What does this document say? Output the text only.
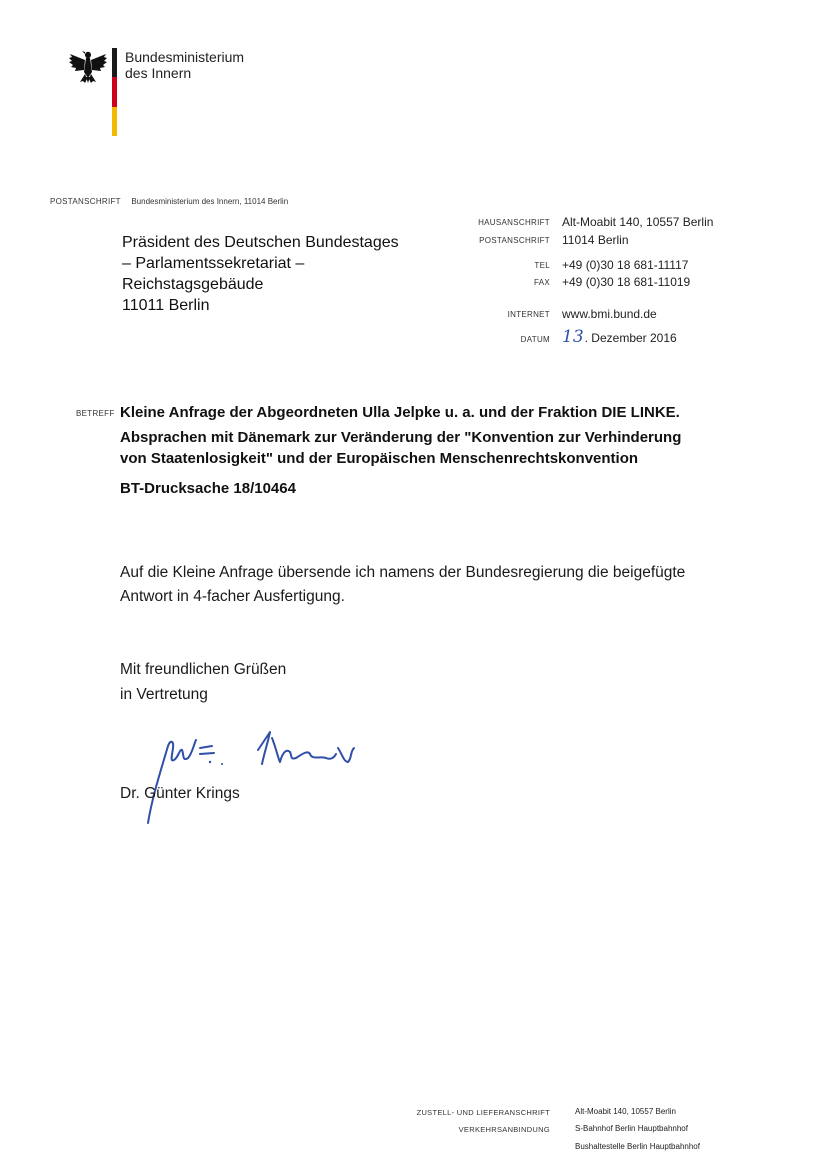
Bundesministerium
des Innern
POSTANSCHRIFT Bundesministerium des Innern, 11014 Berlin
Präsident des Deutschen Bundestages
– Parlamentssekretariat –
Reichstagsgebäude
11011 Berlin
HAUSANSCHRIFT Alt-Moabit 140, 10557 Berlin
POSTANSCHRIFT 11014 Berlin
TEL +49 (0)30 18 681-11117
FAX +49 (0)30 18 681-11019
INTERNET www.bmi.bund.de
DATUM 13. Dezember 2016
BETREFF Kleine Anfrage der Abgeordneten Ulla Jelpke u. a. und der Fraktion DIE LINKE.

Absprachen mit Dänemark zur Veränderung der "Konvention zur Verhinderung

von Staatenlosigkeit" und der Europäischen Menschenrechtskonvention

BT-Drucksache 18/10464

Auf die Kleine Anfrage übersende ich namens der Bundesregierung die beigefügte
Antwort in 4-facher Ausfertigung.
Mit freundlichen Grüßen
in Vertretung
Dr. Günter Krings
ZUSTELL- UND LIEFERANSCHRIFT	Alt-Moabit 140, 10557 Berlin
VERKEHRSANBINDUNG	S-Bahnhof Berlin Hauptbahnhof
Bushaltestelle Berlin Hauptbahnhof
